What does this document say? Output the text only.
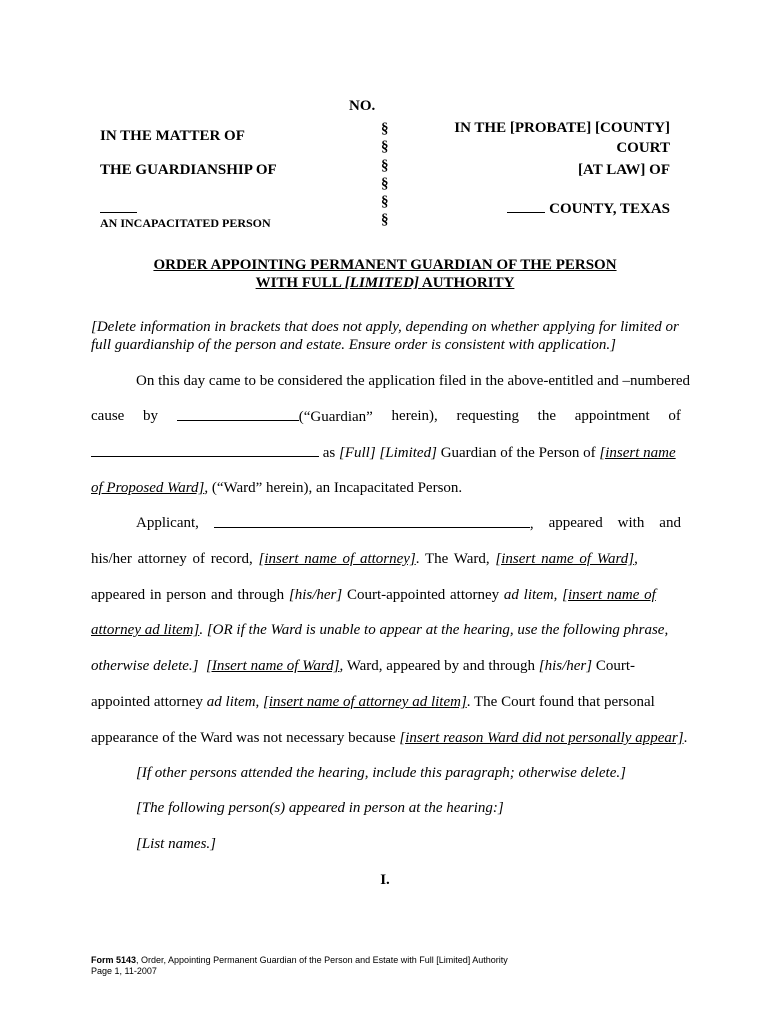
NO.
IN THE MATTER OF
THE GUARDIANSHIP OF
AN INCAPACITATED PERSON
§
§
§
§
§
§
IN THE [PROBATE] [COUNTY]
COURT
[AT LAW] OF
COUNTY, TEXAS
ORDER APPOINTING PERMANENT GUARDIAN OF THE PERSON
WITH FULL [LIMITED] AUTHORITY
[Delete information in brackets that does not apply, depending on whether applying for limited or
full guardianship of the person and estate. Ensure order is consistent with application.]
On this day came to be considered the application filed in the above-entitled and –numbered
cause by	(“Guardian” herein), requesting the appointment of
as [Full] [Limited] Guardian of the Person of [insert name
of Proposed Ward], (“Ward” herein), an Incapacitated Person.
Applicant,	, appeared with and
his/her attorney of record, [insert name of attorney]. The Ward, [insert name of Ward],
appeared in person and through [his/her] Court-appointed attorney ad litem, [insert name of
attorney ad litem]. [OR if the Ward is unable to appear at the hearing, use the following phrase,
otherwise delete.] [Insert name of Ward], Ward, appeared by and through [his/her] Court-
appointed attorney ad litem, [insert name of attorney ad litem]. The Court found that personal
appearance of the Ward was not necessary because [insert reason Ward did not personally appear].
[If other persons attended the hearing, include this paragraph; otherwise delete.]
[The following person(s) appeared in person at the hearing:]
[List names.]
I.
Form 5143, Order, Appointing Permanent Guardian of the Person and Estate with Full [Limited] Authority
Page 1, 11-2007
